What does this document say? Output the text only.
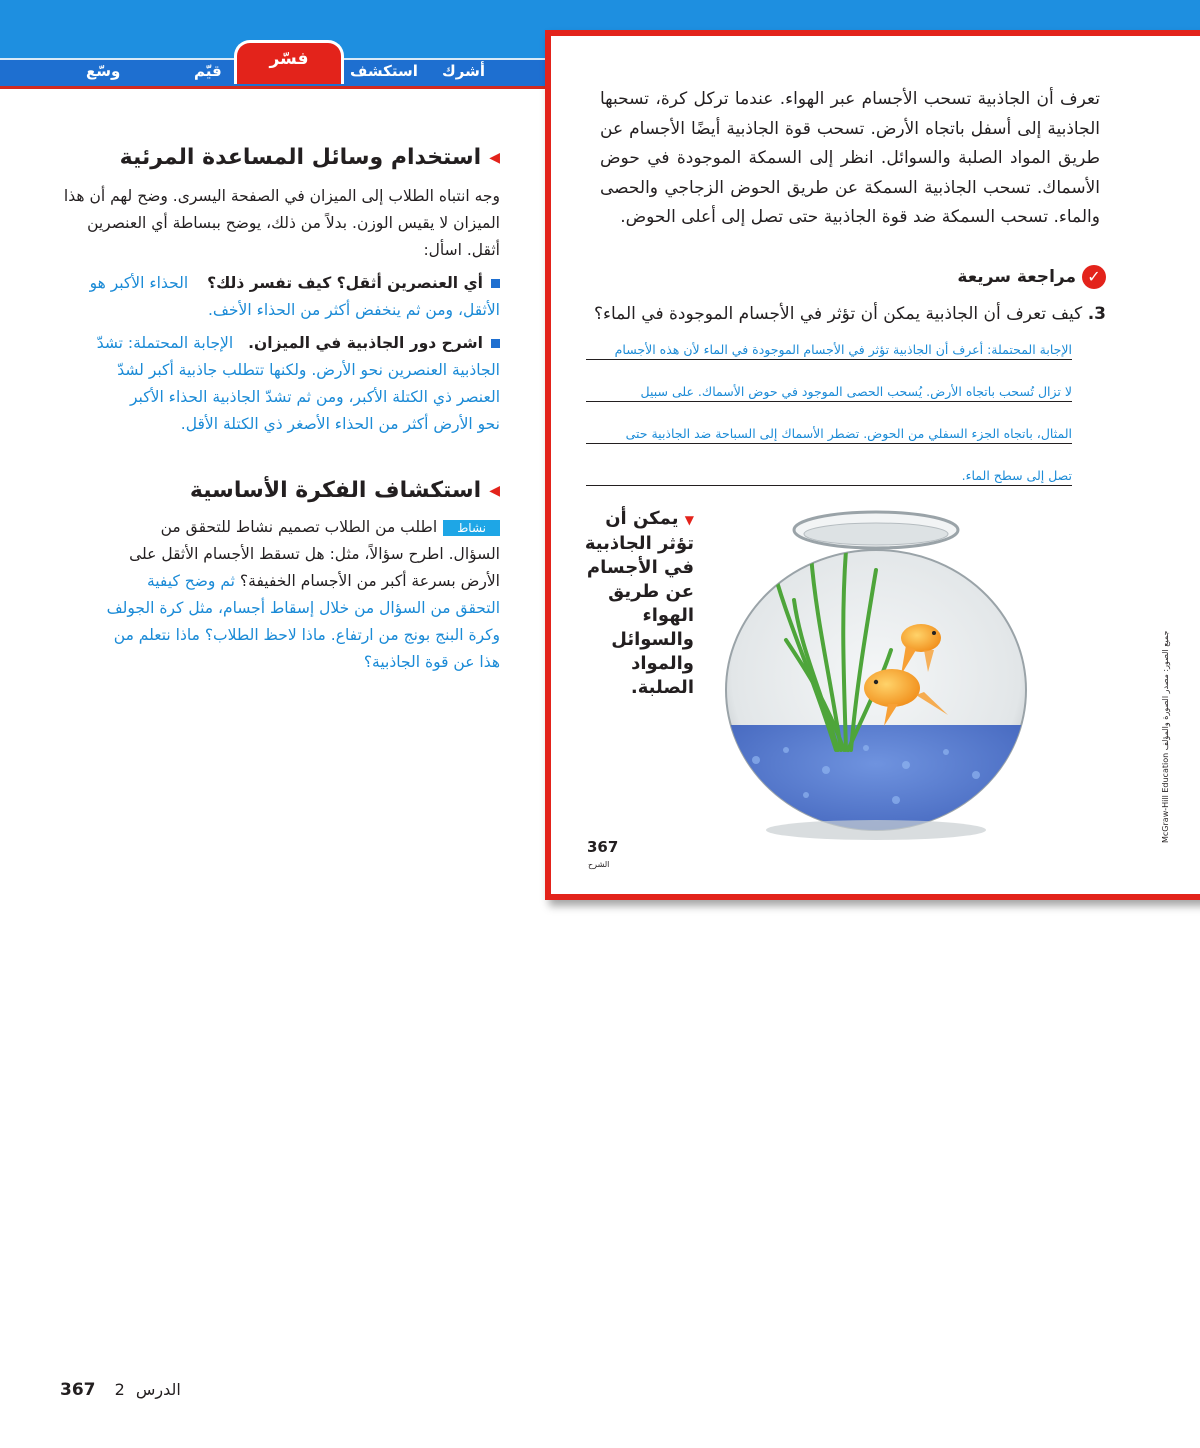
أشرك
استكشف
قيّم
وسّع
فسّر
◀استخدام وسائل المساعدة المرئية
وجه انتباه الطلاب إلى الميزان في الصفحة اليسرى. وضح لهم أن هذا الميزان لا يقيس الوزن. بدلاً من ذلك، يوضح ببساطة أي العنصرين أثقل. اسأل:
أي العنصرين أثقل؟ كيف تفسر ذلك؟ الحذاء الأكبر هو
الأثقل، ومن ثم ينخفض أكثر من الحذاء الأخف.
اشرح دور الجاذبية في الميزان. الإجابة المحتملة: تشدّ
الجاذبية العنصرين نحو الأرض. ولكنها تتطلب جاذبية أكبر لشدّ
العنصر ذي الكتلة الأكبر، ومن ثم تشدّ الجاذبية الحذاء الأكبر
نحو الأرض أكثر من الحذاء الأصغر ذي الكتلة الأقل.
◀استكشاف الفكرة الأساسية
نشاطاطلب من الطلاب تصميم نشاط للتحقق من
السؤال. اطرح سؤالاً، مثل: هل تسقط الأجسام الأثقل على
الأرض بسرعة أكبر من الأجسام الخفيفة؟ ثم وضح كيفية
التحقق من السؤال من خلال إسقاط أجسام، مثل كرة الجولف
وكرة البنج بونج من ارتفاع. ماذا لاحظ الطلاب؟ ماذا نتعلم من
هذا عن قوة الجاذبية؟
تعرف أن الجاذبية تسحب الأجسام عبر الهواء. عندما تركل كرة، تسحبها الجاذبية إلى أسفل باتجاه الأرض. تسحب قوة الجاذبية أيضًا الأجسام عن طريق المواد الصلبة والسوائل. انظر إلى السمكة الموجودة في حوض الأسماك. تسحب الجاذبية السمكة عن طريق الحوض الزجاجي والحصى والماء. تسحب السمكة ضد قوة الجاذبية حتى تصل إلى أعلى الحوض.
✓مراجعة سريعة
3. كيف تعرف أن الجاذبية يمكن أن تؤثر في الأجسام الموجودة في الماء؟
الإجابة المحتملة: أعرف أن الجاذبية تؤثر في الأجسام الموجودة في الماء لأن هذه الأجسام
لا تزال تُسحب باتجاه الأرض. يُسحب الحصى الموجود في حوض الأسماك. على سبيل
المثال، باتجاه الجزء السفلي من الحوض. تضطر الأسماك إلى السباحة ضد الجاذبية حتى
تصل إلى سطح الماء.
▼ يمكن أن تؤثر الجاذبية في الأجسام عن طريق الهواء والسوائل والمواد الصلبة.
McGraw-Hill Education جميع الصور: مصدر الصورة والمؤلف
367
الشرح
367 2 الدرس
